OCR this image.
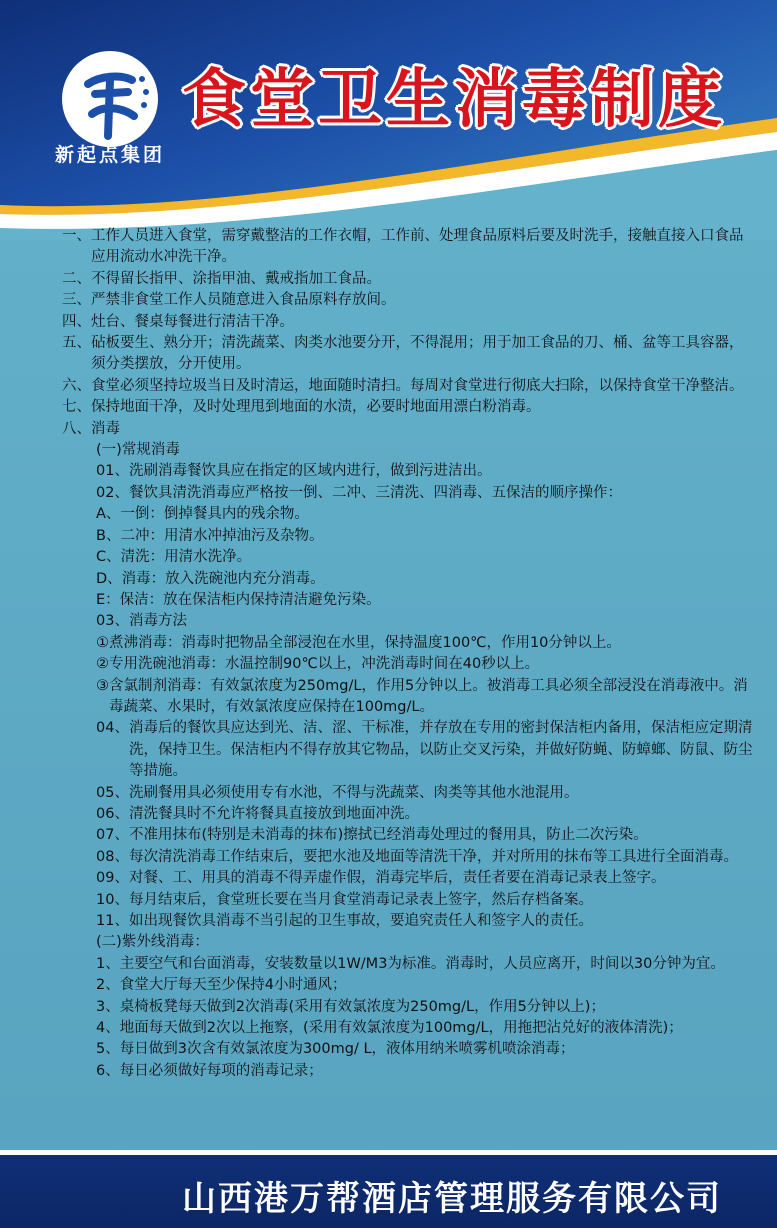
新起点集团
食堂卫生消毒制度
一、 工作人员进入食堂，需穿戴整洁的工作衣帽，工作前、处理食品原料后要及时洗手，接触直接入口食品应用流动水冲洗干净。
二、 不得留长指甲、涂指甲油、戴戒指加工食品。
三、 严禁非食堂工作人员随意进入食品原料存放间。
四、 灶台、餐桌每餐进行清洁干净。
五、 砧板要生、熟分开；清洗蔬菜、肉类水池要分开，不得混用；用于加工食品的刀、桶、盆等工具容器，须分类摆放，分开使用。
六、 食堂必须坚持垃圾当日及时清运，地面随时清扫。每周对食堂进行彻底大扫除，以保持食堂干净整洁。
七、 保持地面干净，及时处理甩到地面的水渍，必要时地面用漂白粉消毒。
八、 消毒
(一)常规消毒
01、 洗刷消毒餐饮具应在指定的区域内进行，做到污进洁出。
02、 餐饮具清洗消毒应严格按一倒、二冲、三清洗、四消毒、五保洁的顺序操作：
A、 一倒：倒掉餐具内的残余物。
B、 二冲：用清水冲掉油污及杂物。
C、 清洗：用清水洗净。
D、 消毒：放入洗碗池内充分消毒。
E： 保洁：放在保洁柜内保持清洁避免污染。
03、 消毒方法
① 煮沸消毒：消毒时把物品全部浸泡在水里，保持温度100℃，作用10分钟以上。
② 专用洗碗池消毒：水温控制90℃以上，冲洗消毒时间在40秒以上。
③ 含氯制剂消毒：有效氯浓度为250mg/L，作用5分钟以上。被消毒工具必须全部浸没在消毒液中。消毒蔬菜、水果时，有效氯浓度应保持在100mg/L。
04、 消毒后的餐饮具应达到光、洁、涩、干标准，并存放在专用的密封保洁柜内备用，保洁柜应定期清洗，保持卫生。保洁柜内不得存放其它物品，以防止交叉污染，并做好防蝇、防蟑螂、防鼠、防尘等措施。
05、 洗刷餐用具必须使用专有水池，不得与洗蔬菜、肉类等其他水池混用。
06、 清洗餐具时不允许将餐具直接放到地面冲洗。
07、 不准用抹布(特别是未消毒的抹布)擦拭已经消毒处理过的餐用具，防止二次污染。
08、 每次清洗消毒工作结束后，要把水池及地面等清洗干净，并对所用的抹布等工具进行全面消毒。
09、 对餐、工、用具的消毒不得弄虚作假，消毒完毕后，责任者要在消毒记录表上签字。
10、 每月结束后，食堂班长要在当月食堂消毒记录表上签字，然后存档备案。
11、 如出现餐饮具消毒不当引起的卫生事故，要追究责任人和签字人的责任。
(二)紫外线消毒：
1、 主要空气和台面消毒，安装数量以1W/M3为标准。消毒时，人员应离开，时间以30分钟为宜。
2、 食堂大厅每天至少保持4小时通风；
3、 桌椅板凳每天做到2次消毒(采用有效氯浓度为250mg/L，作用5分钟以上)；
4、 地面每天做到2次以上拖察，(采用有效氯浓度为100mg/L，用拖把沾兑好的液体清洗)；
5、 每日做到3次含有效氯浓度为300mg/ L，液体用纳米喷雾机喷涂消毒；
6、 每日必须做好每项的消毒记录；
山西港万帮酒店管理服务有限公司
